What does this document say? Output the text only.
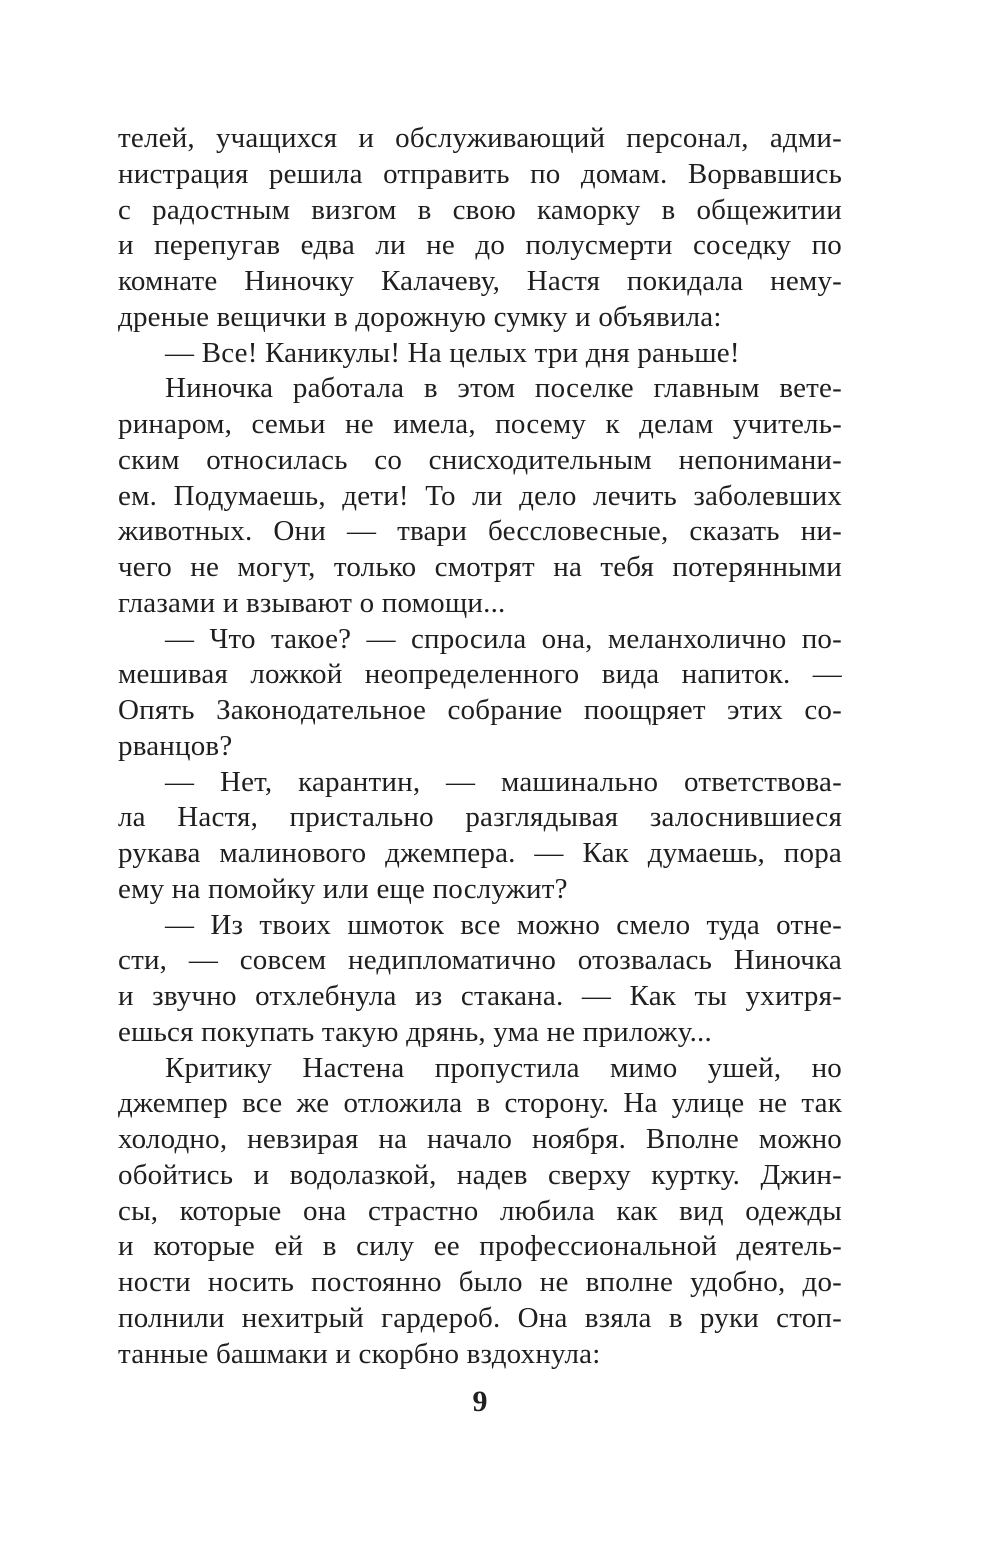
телей, учащихся и обслуживающий персонал, адми-
нистрация решила отправить по домам. Ворвавшись
с радостным визгом в свою каморку в общежитии
и перепугав едва ли не до полусмерти соседку по
комнате Ниночку Калачеву, Настя покидала нему-
дреные вещички в дорожную сумку и объявила:
— Все! Каникулы! На целых три дня раньше!
Ниночка работала в этом поселке главным вете-
ринаром, семьи не имела, посему к делам учитель-
ским относилась со снисходительным непонимани-
ем. Подумаешь, дети! То ли дело лечить заболевших
животных. Они — твари бессловесные, сказать ни-
чего не могут, только смотрят на тебя потерянными
глазами и взывают о помощи...
— Что такое? — спросила она, меланхолично по-
мешивая ложкой неопределенного вида напиток. —
Опять Законодательное собрание поощряет этих со-
рванцов?
— Нет, карантин, — машинально ответствова-
ла Настя, пристально разглядывая залоснившиеся
рукава малинового джемпера. — Как думаешь, пора
ему на помойку или еще послужит?
— Из твоих шмоток все можно смело туда отне-
сти, — совсем недипломатично отозвалась Ниночка
и звучно отхлебнула из стакана. — Как ты ухитря-
ешься покупать такую дрянь, ума не приложу...
Критику Настена пропустила мимо ушей, но
джемпер все же отложила в сторону. На улице не так
холодно, невзирая на начало ноября. Вполне можно
обойтись и водолазкой, надев сверху куртку. Джин-
сы, которые она страстно любила как вид одежды
и которые ей в силу ее профессиональной деятель-
ности носить постоянно было не вполне удобно, до-
полнили нехитрый гардероб. Она взяла в руки стоп-
танные башмаки и скорбно вздохнула:
9
